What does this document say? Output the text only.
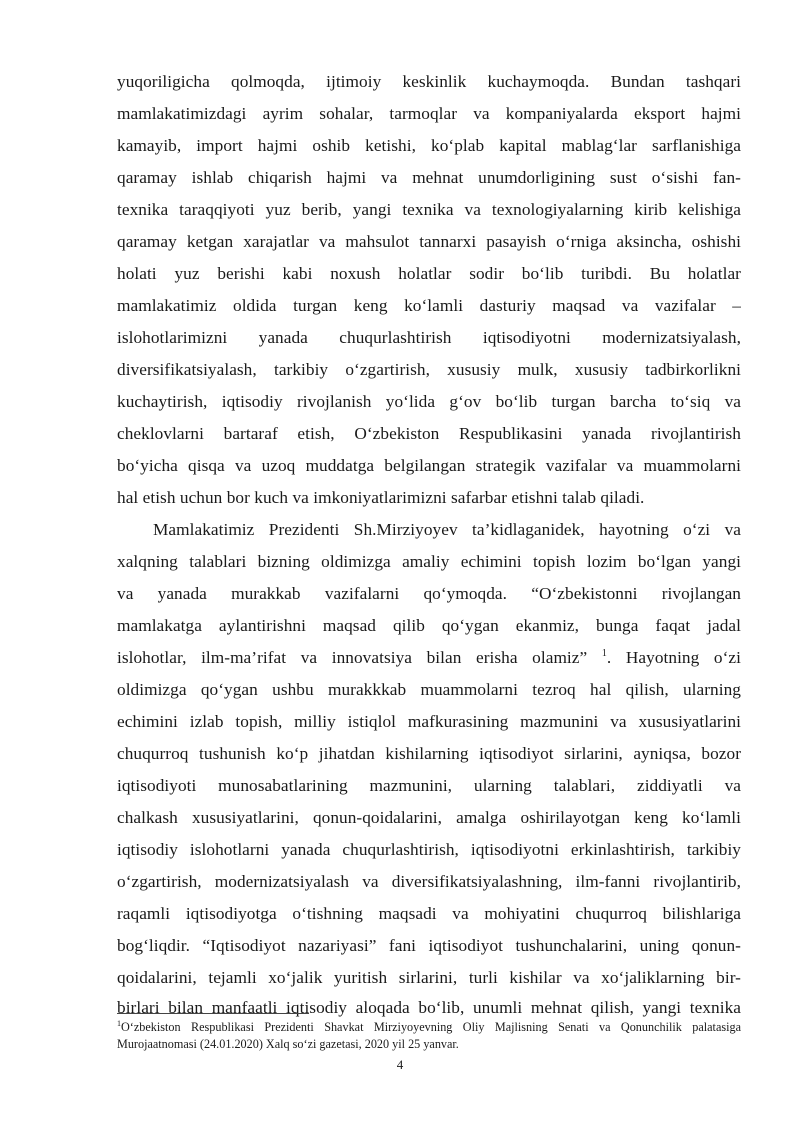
yuqoriligicha qolmoqda, ijtimoiy keskinlik kuchaymoqda. Bundan tashqari
mamlakatimizdagi ayrim sohalar, tarmoqlar va kompaniyalarda eksport hajmi
kamayib, import hajmi oshib ketishi, ko‘plab kapital mablag‘lar sarflanishiga
qaramay ishlab chiqarish hajmi va mehnat unumdorligining sust o‘sishi fan-
texnika taraqqiyoti yuz berib, yangi texnika va texnologiyalarning kirib kelishiga
qaramay ketgan xarajatlar va mahsulot tannarxi pasayish o‘rniga aksincha, oshishi
holati yuz berishi kabi noxush holatlar sodir bo‘lib turibdi. Bu holatlar
mamlakatimiz oldida turgan keng ko‘lamli dasturiy maqsad va vazifalar –
islohotlarimizni yanada chuqurlashtirish iqtisodiyotni modernizatsiyalash,
diversifikatsiyalash, tarkibiy o‘zgartirish, xususiy mulk, xususiy tadbirkorlikni
kuchaytirish, iqtisodiy rivojlanish yo‘lida g‘ov bo‘lib turgan barcha to‘siq va
cheklovlarni bartaraf etish, O‘zbekiston Respublikasini yanada rivojlantirish
bo‘yicha qisqa va uzoq muddatga belgilangan strategik vazifalar va muammolarni
hal etish uchun bor kuch va imkoniyatlarimizni safarbar etishni talab qiladi.
Mamlakatimiz Prezidenti Sh.Mirziyoyev ta’kidlaganidek, hayotning o‘zi va
xalqning talablari bizning oldimizga amaliy echimini topish lozim bo‘lgan yangi
va yanada murakkab vazifalarni qo‘ymoqda. “O‘zbekistonni rivojlangan
mamlakatga aylantirishni maqsad qilib qo‘ygan ekanmiz, bunga faqat jadal
islohotlar, ilm-ma’rifat va innovatsiya bilan erisha olamiz” $^1$. Hayotning o‘zi
oldimizga qo‘ygan ushbu murakkkab muammolarni tezroq hal qilish, ularning
echimini izlab topish, milliy istiqlol mafkurasining mazmunini va xususiyatlarini
chuqurroq tushunish ko‘p jihatdan kishilarning iqtisodiyot sirlarini, ayniqsa, bozor
iqtisodiyoti munosabatlarining mazmunini, ularning talablari, ziddiyatli va
chalkash xususiyatlarini, qonun-qoidalarini, amalga oshirilayotgan keng ko‘lamli
iqtisodiy islohotlarni yanada chuqurlashtirish, iqtisodiyotni erkinlashtirish, tarkibiy
o‘zgartirish, modernizatsiyalash va diversifikatsiyalashning, ilm-fanni rivojlantirib,
raqamli iqtisodiyotga o‘tishning maqsadi va mohiyatini chuqurroq bilishlariga
bog‘liqdir. “Iqtisodiyot nazariyasi” fani iqtisodiyot tushunchalarini, uning qonun-
qoidalarini, tejamli xo‘jalik yuritish sirlarini, turli kishilar va xo‘jaliklarning bir-
birlari bilan manfaatli iqtisodiy aloqada bo‘lib, unumli mehnat qilish, yangi texnika
$^1$O‘zbekiston Respublikasi Prezidenti Shavkat Mirziyoyevning Oliy Majlisning Senati va Qonunchilik palatasiga
Murojaatnomasi (24.01.2020) Xalq so‘zi gazetasi, 2020 yil 25 yanvar.
4
